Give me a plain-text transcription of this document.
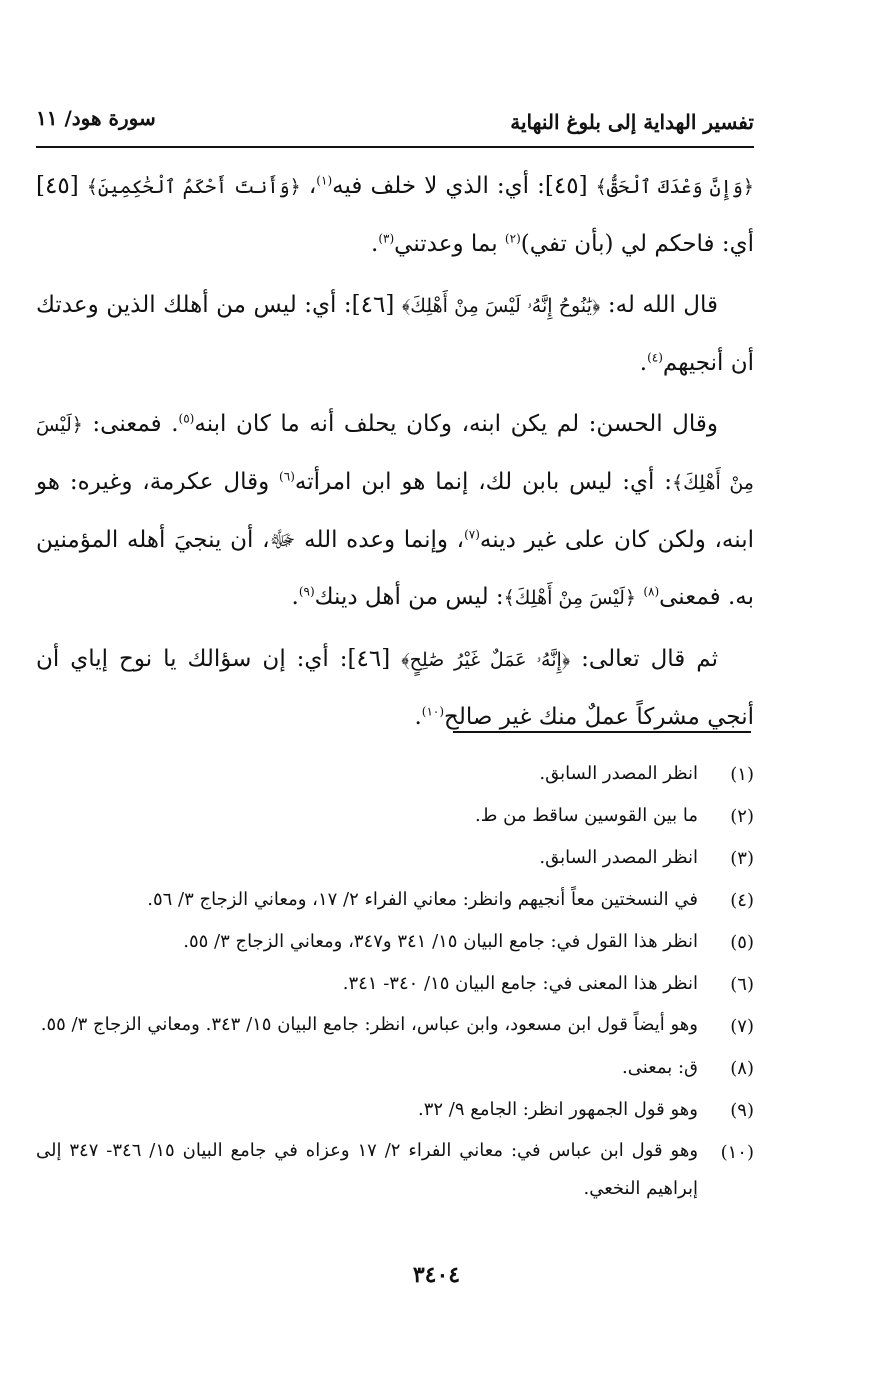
تفسير الهداية إلى بلوغ النهاية
سورة هود/ ١١

﴿وَإِنَّ وَعْدَكَ ٱلْحَقُّ﴾ [٤٥]: أي: الذي لا خلف فيه$^{(١)}$، ﴿وَأَنتَ أَحْكَمُ ٱلْحَٰكِمِينَ﴾ [٤٥] أي: فاحكم لي (بأن تفي)$^{(٢)}$ بما وعدتني$^{(٣)}$.

قال الله له: ﴿يَٰنُوحُ إِنَّهُۥ لَيْسَ مِنْ أَهْلِكَ﴾ [٤٦]: أي: ليس من أهلك الذين وعدتك أن أنجيهم$^{(٤)}$.

وقال الحسن: لم يكن ابنه، وكان يحلف أنه ما كان ابنه$^{(٥)}$. فمعنى: ﴿لَيْسَ مِنْ أَهْلِكَ﴾: أي: ليس بابن لك، إنما هو ابن امرأته$^{(٦)}$ وقال عكرمة، وغيره: هو ابنه، ولكن كان على غير دينه$^{(٧)}$، وإنما وعده الله ﷻ، أن ينجيَ أهله المؤمنين به. فمعنى$^{(٨)}$ ﴿لَيْسَ مِنْ أَهْلِكَ﴾: ليس من أهل دينك$^{(٩)}$.

ثم قال تعالى: ﴿إِنَّهُۥ عَمَلٌ غَيْرُ صَٰلِحٍ﴾ [٤٦]: أي: إن سؤالك يا نوح إياي أن أنجي مشركاً عملٌ منك غير صالح$^{(١٠)}$.

(١)
انظر المصدر السابق.
(٢)
ما بين القوسين ساقط من ط.
(٣)
انظر المصدر السابق.
(٤)
في النسختين معاً أنجيهم وانظر: معاني الفراء ٢/ ١٧، ومعاني الزجاج ٣/ ٥٦.
(٥)
انظر هذا القول في: جامع البيان ١٥/ ٣٤١ و٣٤٧، ومعاني الزجاج ٣/ ٥٥.
(٦)
انظر هذا المعنى في: جامع البيان ١٥/ ٣٤٠- ٣٤١.
(٧)
وهو أيضاً قول ابن مسعود، وابن عباس، انظر: جامع البيان ١٥/ ٣٤٣. ومعاني الزجاج ٣/ ٥٥.
(٨)
ق: بمعنى.
(٩)
وهو قول الجمهور انظر: الجامع ٩/ ٣٢.
(١٠)
وهو قول ابن عباس في: معاني الفراء ٢/ ١٧ وعزاه في جامع البيان ١٥/ ٣٤٦- ٣٤٧ إلى إبراهيم النخعي.
٣٤٠٤
